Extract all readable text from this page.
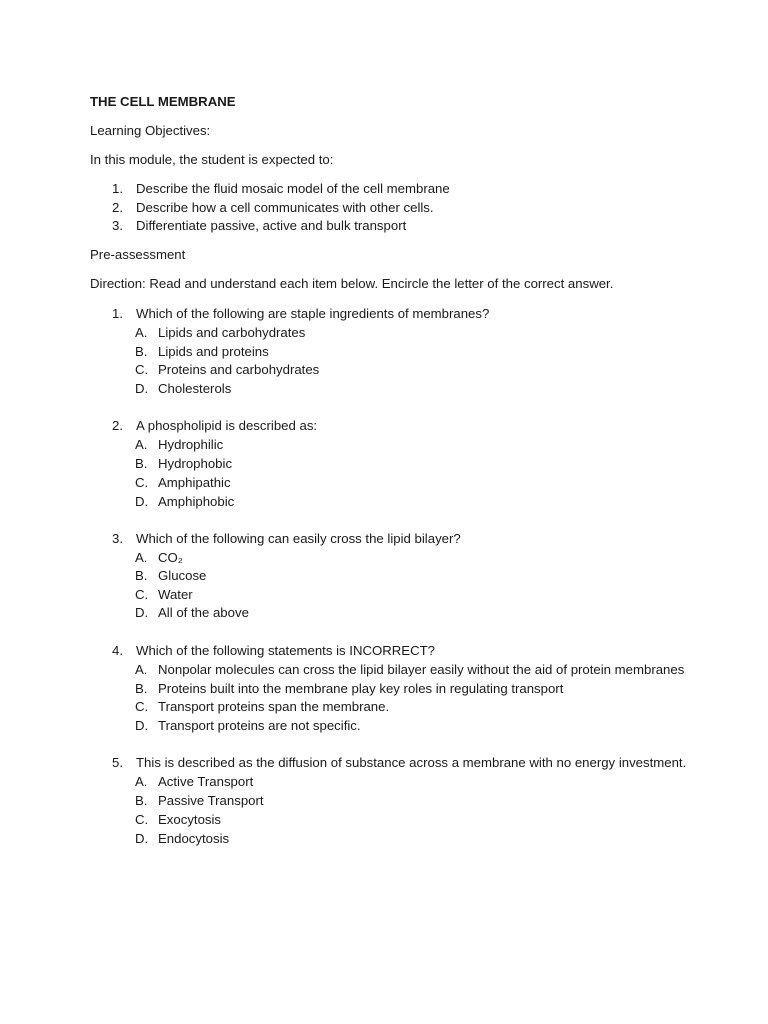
THE CELL MEMBRANE
Learning Objectives:
In this module, the student is expected to:
1. Describe the fluid mosaic model of the cell membrane
2. Describe how a cell communicates with other cells.
3. Differentiate passive, active and bulk transport
Pre-assessment
Direction: Read and understand each item below. Encircle the letter of the correct answer.
1. Which of the following are staple ingredients of membranes?
A. Lipids and carbohydrates
B. Lipids and proteins
C. Proteins and carbohydrates
D. Cholesterols
2. A phospholipid is described as:
A. Hydrophilic
B. Hydrophobic
C. Amphipathic
D. Amphiphobic
3. Which of the following can easily cross the lipid bilayer?
A. CO₂
B. Glucose
C. Water
D. All of the above
4. Which of the following statements is INCORRECT?
A. Nonpolar molecules can cross the lipid bilayer easily without the aid of protein membranes
B. Proteins built into the membrane play key roles in regulating transport
C. Transport proteins span the membrane.
D. Transport proteins are not specific.
5. This is described as the diffusion of substance across a membrane with no energy investment.
A. Active Transport
B. Passive Transport
C. Exocytosis
D. Endocytosis
